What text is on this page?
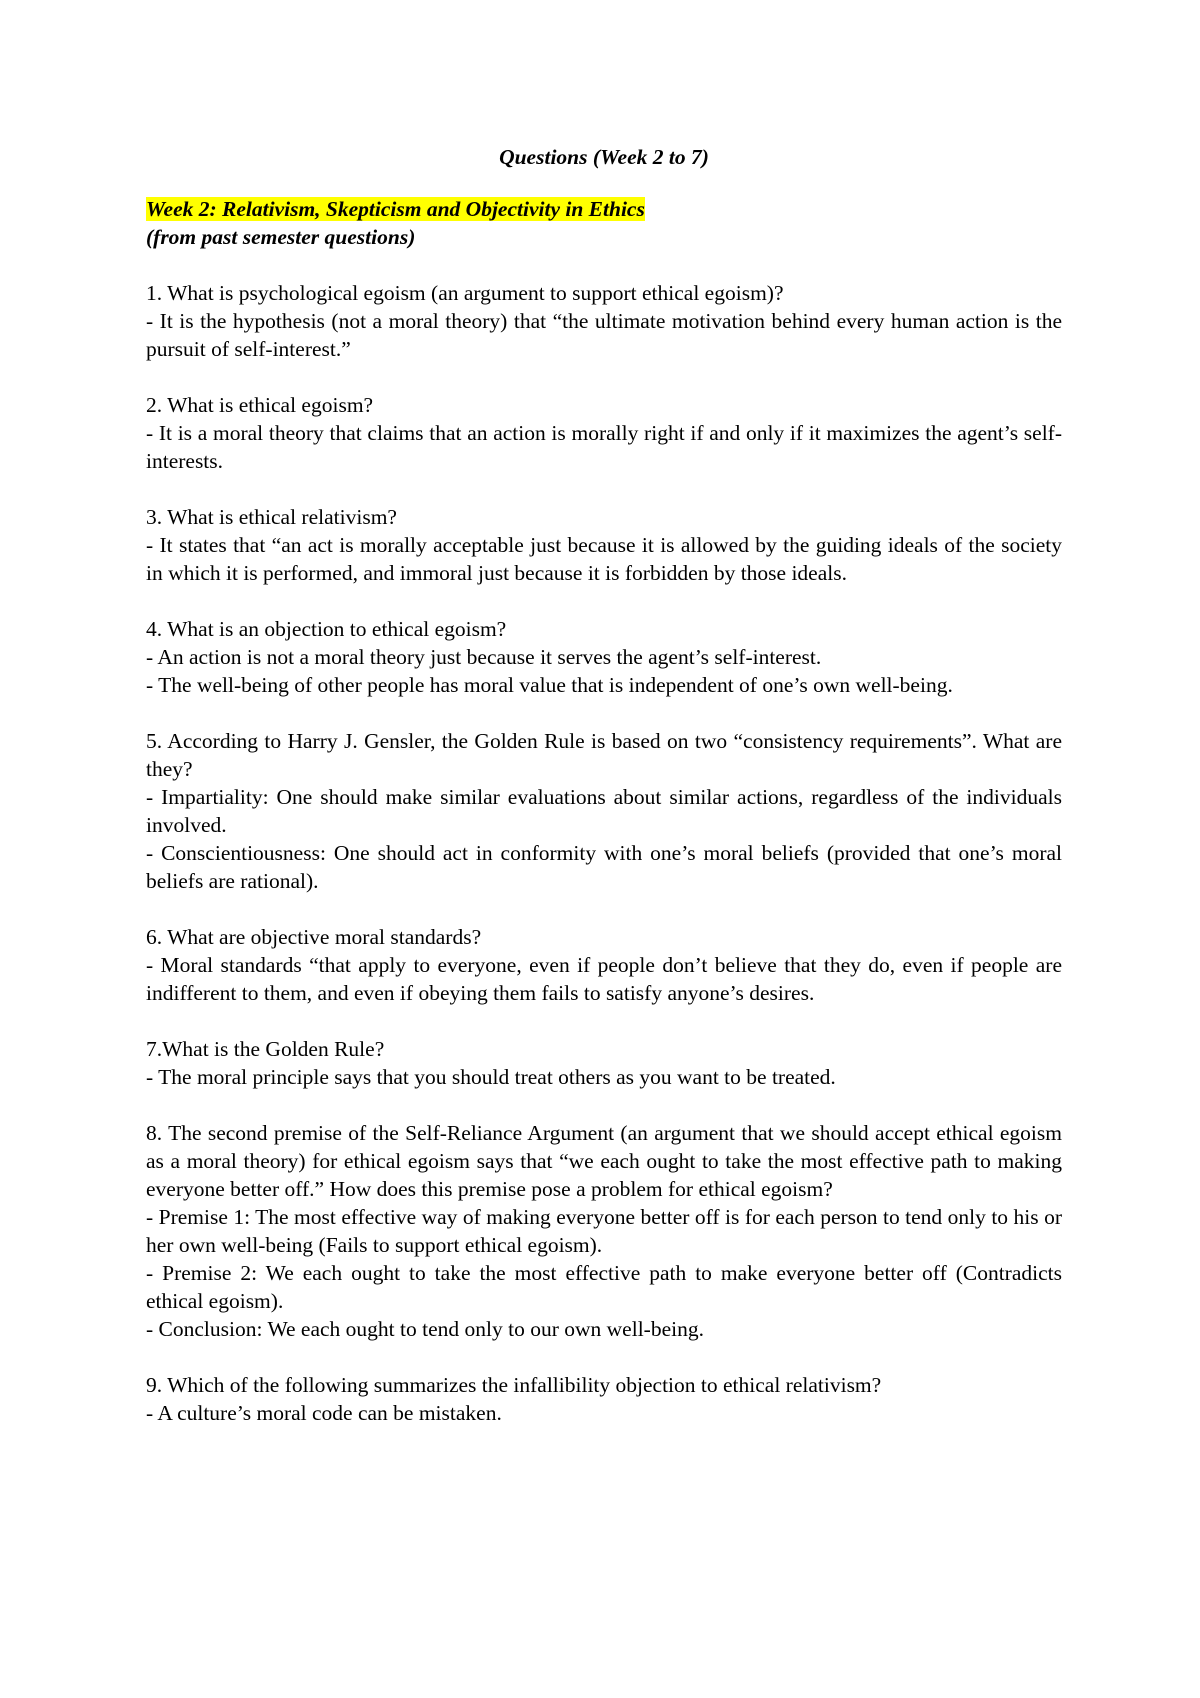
Questions (Week 2 to 7)

Week 2: Relativism, Skepticism and Objectivity in Ethics

(from past semester questions)

1. What is psychological egoism (an argument to support ethical egoism)?

- It is the hypothesis (not a moral theory) that “the ultimate motivation behind every human action is the pursuit of self-interest.”

2. What is ethical egoism?

- It is a moral theory that claims that an action is morally right if and only if it maximizes the agent’s self-interests.

3. What is ethical relativism?

- It states that “an act is morally acceptable just because it is allowed by the guiding ideals of the society in which it is performed, and immoral just because it is forbidden by those ideals.

4. What is an objection to ethical egoism?

- An action is not a moral theory just because it serves the agent’s self-interest.

- The well-being of other people has moral value that is independent of one’s own well-being.

5. According to Harry J. Gensler, the Golden Rule is based on two “consistency requirements”. What are they?

- Impartiality: One should make similar evaluations about similar actions, regardless of the individuals involved.

- Conscientiousness: One should act in conformity with one’s moral beliefs (provided that one’s moral beliefs are rational).

6. What are objective moral standards?

- Moral standards “that apply to everyone, even if people don’t believe that they do, even if people are indifferent to them, and even if obeying them fails to satisfy anyone’s desires.

7.What is the Golden Rule?

- The moral principle says that you should treat others as you want to be treated.

8. The second premise of the Self-Reliance Argument (an argument that we should accept ethical egoism as a moral theory) for ethical egoism says that “we each ought to take the most effective path to making everyone better off.” How does this premise pose a problem for ethical egoism?

- Premise 1: The most effective way of making everyone better off is for each person to tend only to his or her own well-being (Fails to support ethical egoism).

- Premise 2: We each ought to take the most effective path to make everyone better off (Contradicts ethical egoism).

- Conclusion: We each ought to tend only to our own well-being.

9. Which of the following summarizes the infallibility objection to ethical relativism?

- A culture’s moral code can be mistaken.
